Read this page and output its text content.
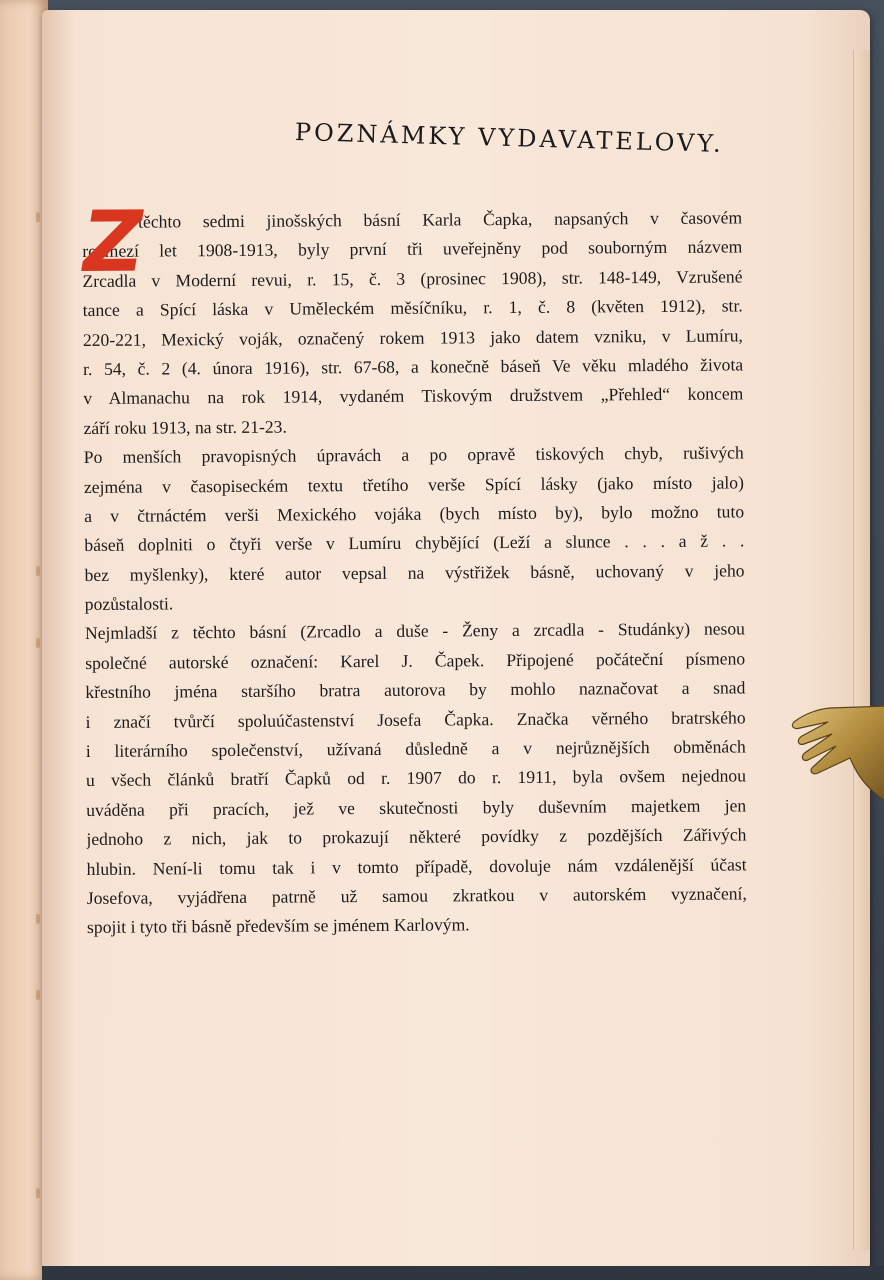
POZNÁMKY VYDAVATELOVY.
Z
těchto sedmi jinošských básní Karla Čapka, napsaných v časovém
rozmezí let 1908-1913, byly první tři uveřejněny pod souborným názvem
Zrcadla v Moderní revui, r. 15, č. 3 (prosinec 1908), str. 148-149, Vzrušené
tance a Spící láska v Uměleckém měsíčníku, r. 1, č. 8 (květen 1912), str.
220-221, Mexický voják, označený rokem 1913 jako datem vzniku, v Lumíru,
r. 54, č. 2 (4. února 1916), str. 67-68, a konečně báseň Ve věku mladého života
v Almanachu na rok 1914, vydaném Tiskovým družstvem „Přehled“ koncem
září roku 1913, na str. 21-23.
Po menších pravopisných úpravách a po opravě tiskových chyb, rušivých
zejména v časopiseckém textu třetího verše Spící lásky (jako místo jalo)
a v čtrnáctém verši Mexického vojáka (bych místo by), bylo možno tuto
báseň doplniti o čtyři verše v Lumíru chybějící (Leží a slunce . . . a ž . .
bez myšlenky), které autor vepsal na výstřižek básně, uchovaný v jeho
pozůstalosti.
Nejmladší z těchto básní (Zrcadlo a duše - Ženy a zrcadla - Studánky) nesou
společné autorské označení: Karel J. Čapek. Připojené počáteční písmeno
křestního jména staršího bratra autorova by mohlo naznačovat a snad
i značí tvůrčí spoluúčastenství Josefa Čapka. Značka věrného bratrského
i literárního společenství, užívaná důsledně a v nejrůznějších obměnách
u všech článků bratří Čapků od r. 1907 do r. 1911, byla ovšem nejednou
uváděna při pracích, jež ve skutečnosti byly duševním majetkem jen
jednoho z nich, jak to prokazují některé povídky z pozdějších Zářivých
hlubin. Není-li tomu tak i v tomto případě, dovoluje nám vzdálenější účast
Josefova, vyjádřena patrně už samou zkratkou v autorském vyznačení,
spojit i tyto tři básně především se jménem Karlovým.
